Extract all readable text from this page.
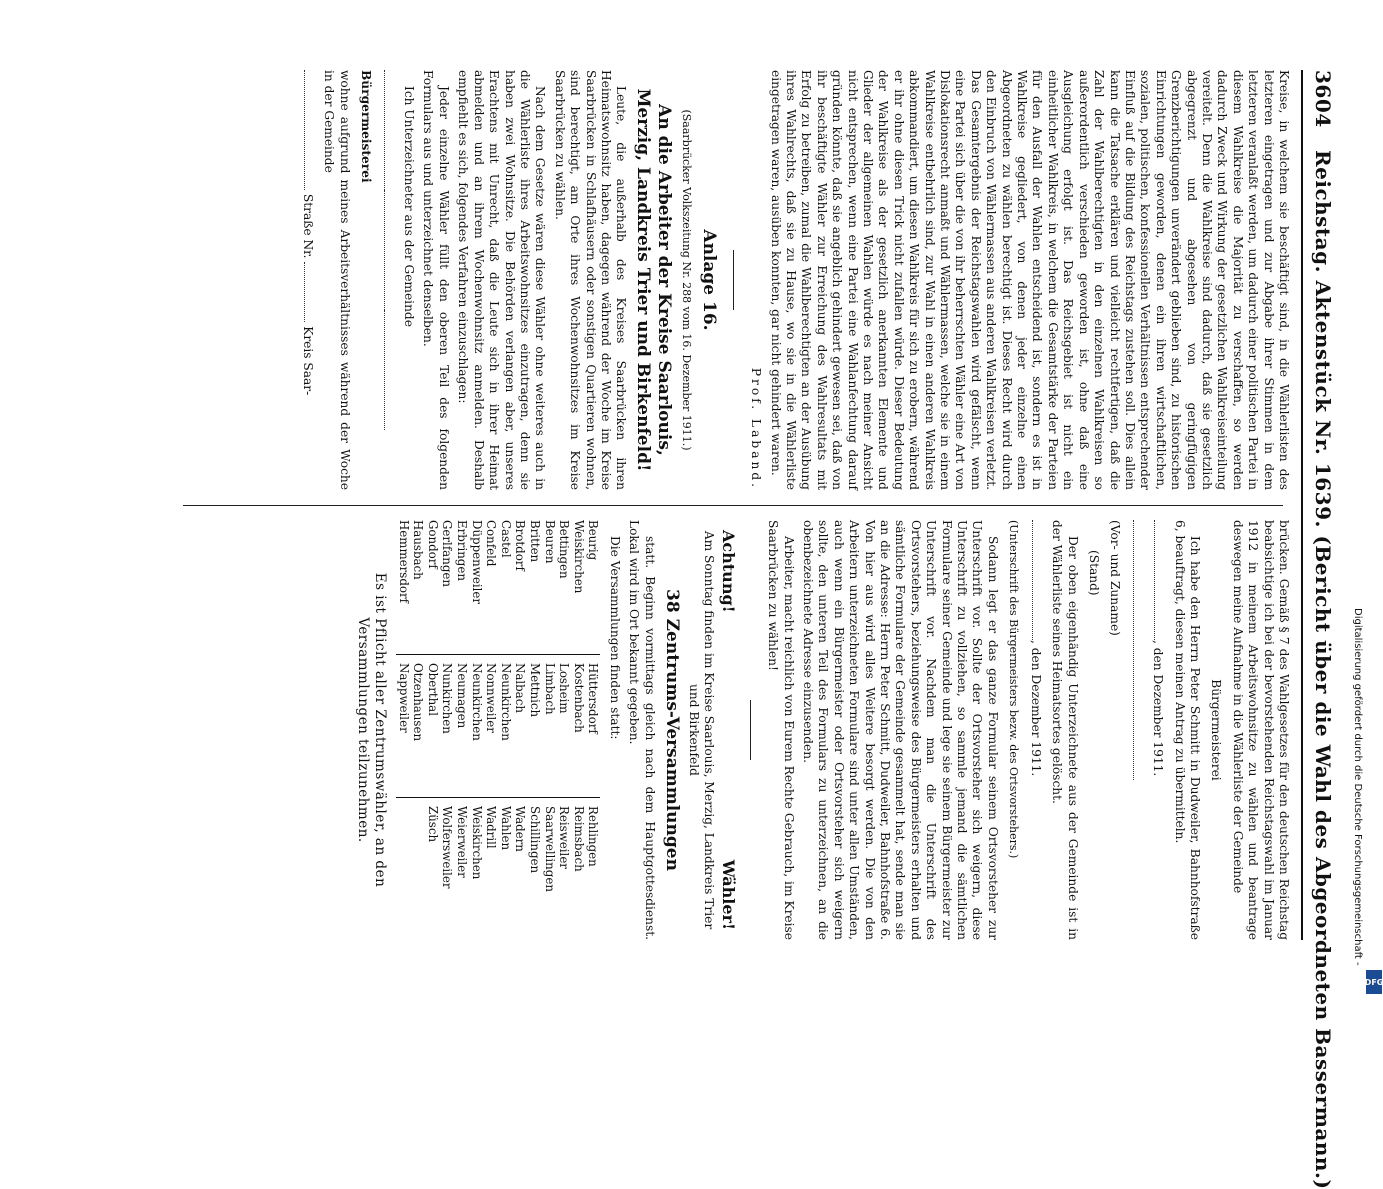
3604
Reichstag. Aktenstück Nr. 1639. (Bericht über die Wahl des Abgeordneten Bassermann.)

Kreise, in welchem sie beschäftigt sind, in die Wählerlisten des letzteren eingetragen und zur Abgabe ihrer Stimmen in dem letzteren veranlaßt werden, um dadurch einer politischen Partei in diesem Wahlkreise die Majorität zu verschaffen, so werden dadurch Zweck und Wirkung der gesetzlichen Wahlkreiseinteilung vereitelt. Denn die Wahlkreise sind dadurch, daß sie gesetzlich abgegrenzt und abgesehen von geringfügigen Grenzberichtigungen unverändert geblieben sind, zu historischen Einrichtungen geworden, denen ein ihren wirtschaftlichen, sozialen, politischen, konfessionellen Verhältnissen entsprechender Einfluß auf die Bildung des Reichstags zustehen soll. Dies allein kann die Tatsache erklären und vielleicht rechtfertigen, daß die Zahl der Wahlberechtigten in den einzelnen Wahlkreisen so außerordentlich verschieden geworden ist, ohne daß eine Ausgleichung erfolgt ist. Das Reichsgebiet ist nicht ein einheitlicher Wahlkreis, in welchem die Gesamtstärke der Parteien für den Ausfall der Wahlen entscheidend ist, sondern es ist in Wahlkreise gegliedert, von denen jeder einzelne einen Abgeordneten zu wählen berechtigt ist. Dieses Recht wird durch den Einbruch von Wählermassen aus anderen Wahlkreisen verletzt. Das Gesamtergebnis der Reichstagswahlen wird gefälscht, wenn eine Partei sich über die von ihr beherrschten Wähler eine Art von Dislokationsrecht anmaßt und Wählermassen, welche sie in einem Wahlkreise entbehrlich sind, zur Wahl in einen anderen Wahlkreis abkommandiert, um diesen Wahlkreis für sich zu erobern, während er ihr ohne diesen Trick nicht zufallen würde. Dieser Bedeutung der Wahlkreise als der gesetzlich anerkannten Elemente und Glieder der allgemeinen Wahlen würde es nach meiner Ansicht nicht entsprechen, wenn eine Partei eine Wahlanfechtung darauf gründen könnte, daß sie angeblich gehindert gewesen sei, daß von ihr beschäftigte Wähler zur Erreichung des Wahlresultats mit Erfolg zu betreiben, zumal die Wahlberechtigten an der Ausübung ihres Wahlrechts, daß sie zu Hause, wo sie in die Wählerliste eingetragen waren, ausüben konnten, gar nicht gehindert waren.

Prof. Laband.

Anlage 16.

(Saarbrücker Volkszeitung Nr. 288 vom 16. Dezember 1911.)

An die Arbeiter der Kreise Saarlouis, Merzig, Landkreis Trier und Birkenfeld!

Leute, die außerhalb des Kreises Saarbrücken ihren Heimatswohnsitz haben, dagegen während der Woche im Kreise Saarbrücken in Schlafhäusern oder sonstigen Quartieren wohnen, sind berechtigt, am Orte ihres Wochenwohnsitzes im Kreise Saarbrücken zu wählen.

Nach dem Gesetze wären diese Wähler ohne weiteres auch in die Wählerliste ihres Arbeitswohnsitzes einzutragen, denn sie haben zwei Wohnsitze. Die Behörden verlangen aber, unseres Erachtens mit Unrecht, daß die Leute sich in ihrer Heimat abmelden und an ihrem Wochenwohnsitz anmelden. Deshalb empfiehlt es sich, folgendes Verfahren einzuschlagen:

Jeder einzelne Wähler füllt den oberen Teil des folgenden Formulars aus und unterzeichnet denselben.

Ich Unterzeichneter aus der Gemeinde

Bürgermeisterei

wohne aufgrund meines Arbeitsverhältnisses während der Woche in der Gemeinde

Straße Nr.  Kreis Saar-

brücken. Gemäß § 7 des Wahlgesetzes für den deutschen Reichstag beabsichtige ich bei der bevorstehenden Reichstagswahl im Januar 1912 in meinem Arbeitswohnsitze zu wählen und beantrage deswegen meine Aufnahme in die Wählerliste der Gemeinde

Bürgermeisterei

Ich habe den Herrn Peter Schmitt in Dudweiler, Bahnhofstraße 6, beauftragt, diesen meinen Antrag zu übermitteln.

, den Dezember 1911.

(Vor- und Zuname)

(Stand)

Der oben eigenhändig Unterzeichnete aus der Gemeinde ist in der Wählerliste seines Heimatsortes gelöscht.

, den Dezember 1911.

(Unterschrift des Bürgermeisters bezw. des Ortsvorstehers.)

Sodann legt er das ganze Formular seinem Ortsvorsteher zur Unterschrift vor. Sollte der Ortsvorsteher sich weigern, diese Unterschrift zu vollziehen, so sammle jemand die sämtlichen Formulare seiner Gemeinde und lege sie seinem Bürgermeister zur Unterschrift vor. Nachdem man die Unterschrift des Ortsvorstehers, beziehungsweise des Bürgermeisters erhalten und sämtliche Formulare der Gemeinde gesammelt hat, sende man sie an die Adresse: Herrn Peter Schmitt, Dudweiler, Bahnhofstraße 6. Von hier aus wird alles Weitere besorgt werden. Die von den Arbeitern unterzeichneten Formulare sind unter allen Umständen, auch wenn ein Bürgermeister oder Ortsvorsteher sich weigern sollte, den unteren Teil des Formulars zu unterzeichnen, an die obenbezeichnete Adresse einzusenden.

Arbeiter, macht reichlich von Eurem Rechte Gebrauch, im Kreise Saarbrücken zu wählen!

Achtung!
Wähler!

Am Sonntag finden im Kreise Saarlouis, Merzig, Landkreis Trier und Birkenfeld

38 Zentrums-Versammlungen

statt. Beginn vormittags gleich nach dem Hauptgottesdienst. Lokal wird im Ort bekannt gegeben.

Die Versammlungen finden statt:

Beurig
Weiskirchen
Bettingen
Beuren
Britten
Brotdorf
Castel
Confeld
Düppenweiler
Erbringen
Gerlfangen
Gondorf
Hausbach
Hemmersdorf
Hüttersdorf
Kostenbach
Losheim
Limbach
Mettnich
Nalbach
Neunkirchen
Nonnweiler
Neunkirchen
Neumagen
Nunkirchen
Oberthal
Otzenhausen
Nappweiler
Rehlingen
Reimsbach
Reisweiler
Saarwellingen
Schillingen
Wadern
Wahlen
Wadrill
Weiskirchen
Weierweiler
Wolfersweiler
Züsch

Es ist Pflicht aller Zentrumswähler, an den Versammlungen teilzunehmen.	Digitalisierung gefördert durch die Deutsche Forschungsgemeinschaft -
DFG
